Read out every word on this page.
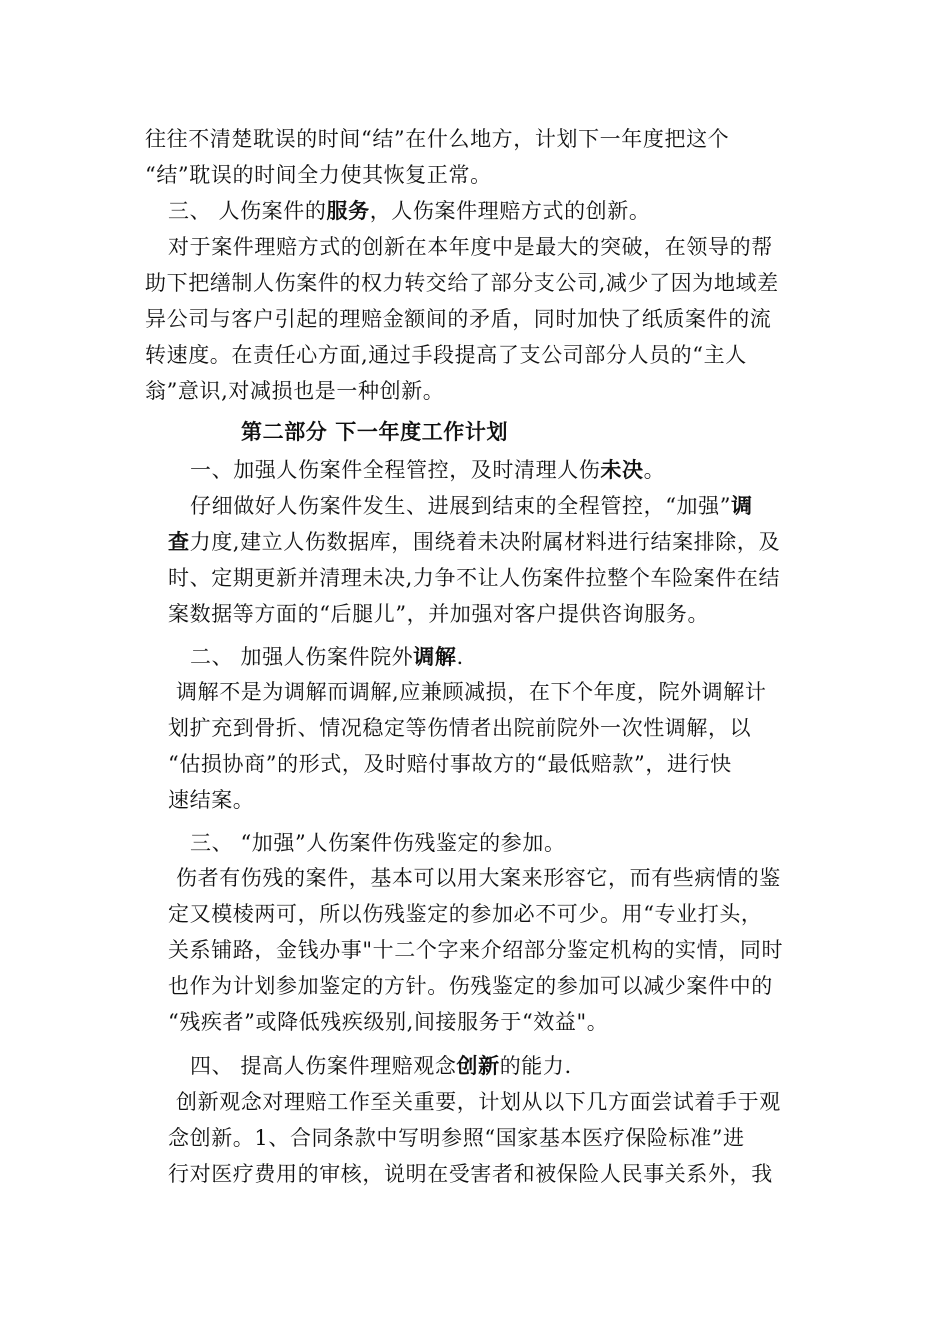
往往不清楚耽误的时间“结”在什么地方，计划下一年度把这个
“结”耽误的时间全力使其恢复正常。
三、 人伤案件的服务，人伤案件理赔方式的创新。
对于案件理赔方式的创新在本年度中是最大的突破，在领导的帮
助下把缮制人伤案件的权力转交给了部分支公司,减少了因为地域差
异公司与客户引起的理赔金额间的矛盾，同时加快了纸质案件的流
转速度。在责任心方面,通过手段提高了支公司部分人员的“主人
翁”意识,对减损也是一种创新。
第二部分 下一年度工作计划
一、加强人伤案件全程管控，及时清理人伤未决。
仔细做好人伤案件发生、进展到结束的全程管控，“加强”调
查力度,建立人伤数据库，围绕着未决附属材料进行结案排除，及
时、定期更新并清理未决,力争不让人伤案件拉整个车险案件在结
案数据等方面的“后腿儿”，并加强对客户提供咨询服务。
二、 加强人伤案件院外调解.
调解不是为调解而调解,应兼顾减损，在下个年度，院外调解计
划扩充到骨折、情况稳定等伤情者出院前院外一次性调解，以
“估损协商”的形式，及时赔付事故方的“最低赔款”，进行快
速结案。
三、 “加强”人伤案件伤残鉴定的参加。
伤者有伤残的案件，基本可以用大案来形容它，而有些病情的鉴
定又模棱两可，所以伤残鉴定的参加必不可少。用“专业打头，
关系铺路，金钱办事"十二个字来介绍部分鉴定机构的实情，同时
也作为计划参加鉴定的方针。伤残鉴定的参加可以减少案件中的
“残疾者”或降低残疾级别,间接服务于“效益"。
四、 提高人伤案件理赔观念创新的能力.
创新观念对理赔工作至关重要，计划从以下几方面尝试着手于观
念创新。1、合同条款中写明参照“国家基本医疗保险标准”进
行对医疗费用的审核，说明在受害者和被保险人民事关系外，我
